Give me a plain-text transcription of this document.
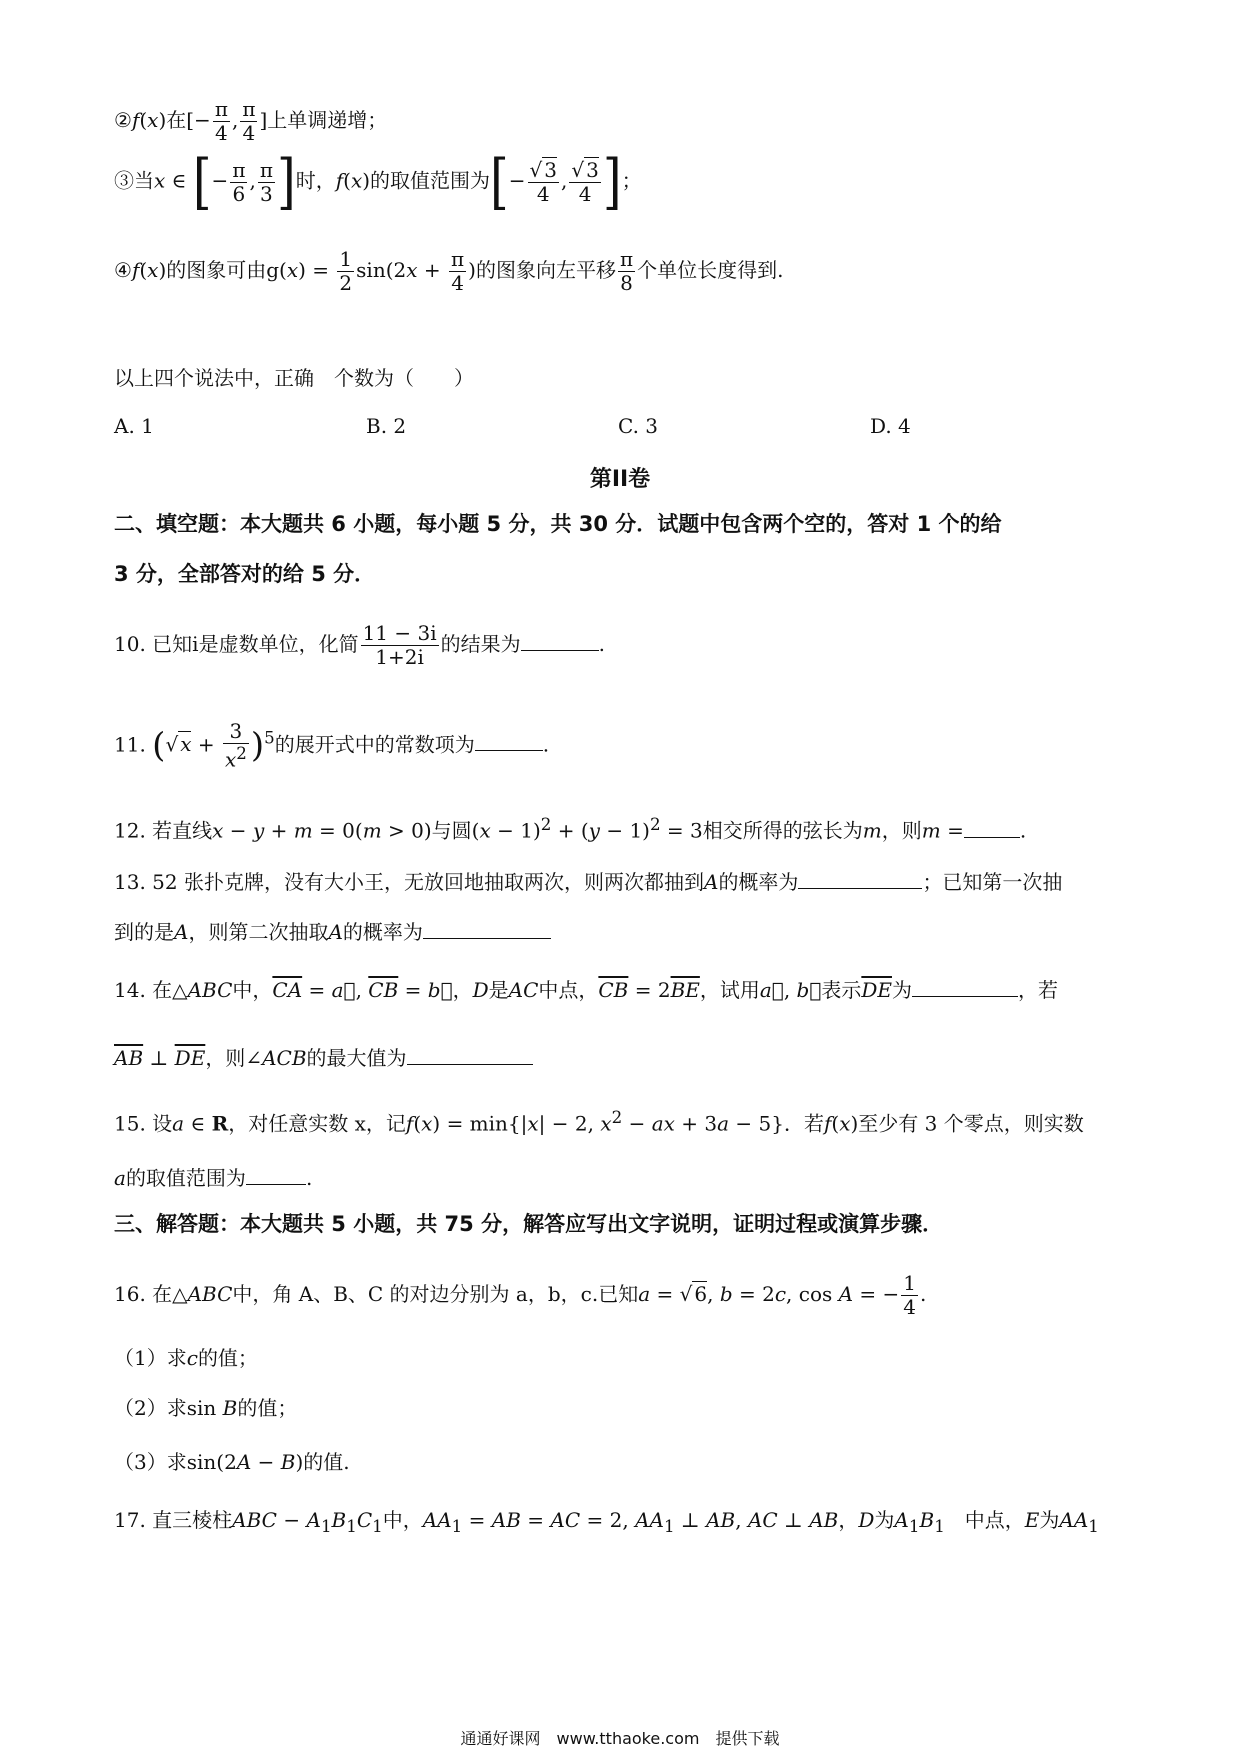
②f(x)在[− $\frac{\pi}{4}$ , $\frac{\pi}{4}$ ]上单调递增；
③当x ∈ [− $\frac{\pi}{6}$ , $\frac{\pi}{3}$ ]时，f(x)的取值范围为[− $\frac{√ 3}{4}$ , $\frac{√ 3}{4}$ ]；
④f(x)的图象可由$g(x) = \frac{1}{2} \sin(2x + \frac{\pi}{4}$ )的图象向左平移 $\frac{\pi}{8}$ 个单位长度得到.
以上四个说法中，正确　个数为（　　）
A. 1	B. 2	C. 3	D. 4
第II卷
二、填空题：本大题共 6 小题，每小题 5 分，共 30 分．试题中包含两个空的，答对 1 个的给
3 分，全部答对的给 5 分．
10. 已知i是虚数单位，化简 $\frac{11 - 3i}{1+2i}$ 的结果为	.
11. (√ $x + \frac{3}{x^2} )^5$的展开式中的常数项为	.
12. 若直线x − y + m = 0(m > 0)与圆$(x - 1)^2 + (y - 1)^2 = 3$相交所得的弦长为m，则m =	.
13. 52 张扑克牌，没有大小王，无放回地抽取两次，则两次都抽到A的概率为	；已知第一次抽
到的是A，则第二次抽取A的概率为
14. 在△ABC中，$\overline{CA}$ = a⃗, $\overline{CB}$ = b⃗，D是AC中点，$\overline{CB} = 2\overline{BE}$，试用a⃗, b⃗表示$\overline{DE}$为	，若
$\overline{AB}$ ⊥ $\overline{DE}$，则∠ACB的最大值为
15. 设a ∈ R，对任意实数 x，记f(x) = min{|x| − 2, $x^2$ − ax + 3a − 5}．若f(x)至少有 3 个零点，则实数
a的取值范围为	.
三、解答题：本大题共 5 小题，共 75 分，解答应写出文字说明，证明过程或演算步骤．
16. 在△ABC中，角 A、B、C 的对边分别为 a，b，c.已知a = √ 6, b = 2c, cos A = − $\frac{1}{4}$ .
（1）求c的值；
（2）求sin B的值；
（3）求sin(2A − B)的值.
17. 直三棱柱ABC − $A_1B_1C_1$中，$AA_1$ = AB = AC = 2, $AA_1$ ⊥ AB, AC ⊥ AB，D为$A_1B_1$　中点，E为$AA_1$
通通好课网　www.tthaoke.com　提供下载
